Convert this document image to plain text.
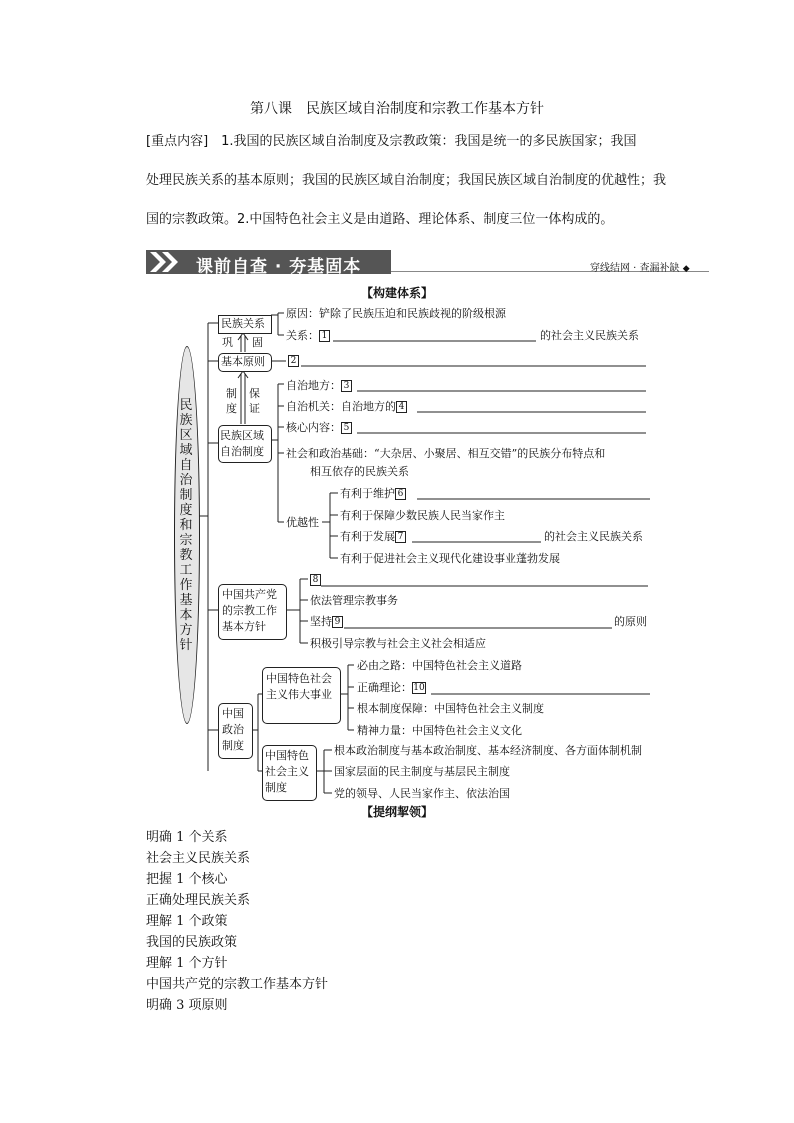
第八课　民族区域自治制度和宗教工作基本方针
[重点内容]　1.我国的民族区域自治制度及宗教政策：我国是统一的多民族国家；我国
处理民族关系的基本原则；我国的民族区域自治制度；我国民族区域自治制度的优越性；我
国的宗教政策。2.中国特色社会主义是由道路、理论体系、制度三位一体构成的。
课前自查 · 夯基固本	穿线结网 · 查漏补缺 ◆
【构建体系】
民族区域自治制度和宗教工作基本方针
民族关系
基本原则
民族区域自治制度
中国共产党的宗教工作基本方针
中国政治制度
巩 固
制
度
保
证
原因：铲除了民族压迫和民族歧视的阶级根源
关系： 1	的社会主义民族关系
2
自治地方： 3
自治机关：自治地方的 4
核心内容： 5
社会和政治基础：“大杂居、小聚居、相互交错”的民族分布特点和
相互依存的民族关系
优越性
有利于维护 6
有利于保障少数民族人民当家作主
有利于发展 7	的社会主义民族关系
有利于促进社会主义现代化建设事业蓬勃发展
8
依法管理宗教事务
坚持 9	的原则
积极引导宗教与社会主义社会相适应
中国特色社会主义伟大事业
中国特色社会主义制度
必由之路：中国特色社会主义道路
正确理论：10
根本制度保障：中国特色社会主义制度
精神力量：中国特色社会主义文化
根本政治制度与基本政治制度、基本经济制度、各方面体制机制
国家层面的民主制度与基层民主制度
党的领导、人民当家作主、依法治国
【提纲挈领】
明确 1 个关系
社会主义民族关系
把握 1 个核心
正确处理民族关系
理解 1 个政策
我国的民族政策
理解 1 个方针
中国共产党的宗教工作基本方针
明确 3 项原则
